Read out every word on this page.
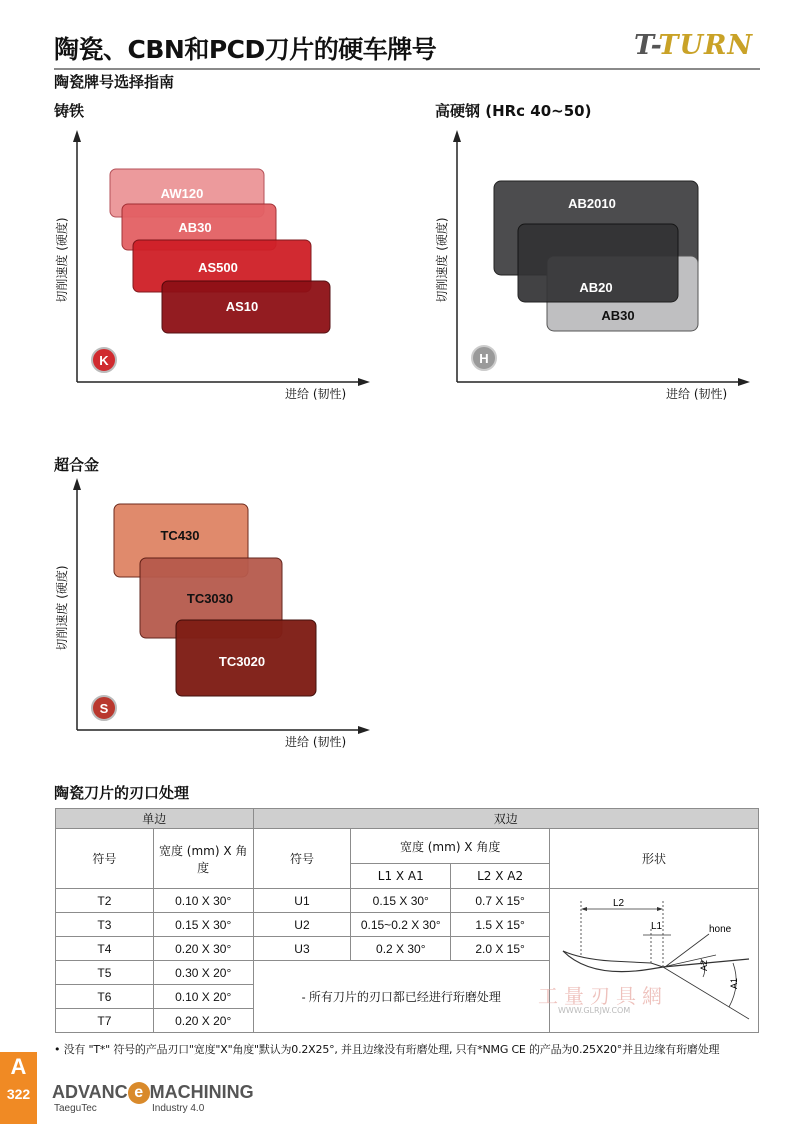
陶瓷、CBN和PCD刀片的硬车牌号	T-TURN
陶瓷牌号选择指南
铸铁
切削速度 (硬度)
进给 (韧性)
AW120
AB30
AS500
AS10
K
高硬钢 (HRc 40~50)
切削速度 (硬度)
进给 (韧性)
AB2010
AB20
AB30
H
超合金
切削速度 (硬度)
进给 (韧性)
TC430
TC3030
TC3020
S
陶瓷刀片的刃口处理
单边		双边			
符号	宽度 (mm) X 角度	符号	宽度 (mm) X 角度		形状
			L1 X A1	L2 X A2	
T2	0.10 X 30°	U1	0.15 X 30°	0.7 X 15°	L2
L1 hone
A2
A1

T3	0.15 X 30°	U2	0.15~0.2 X 30°	1.5 X 15°	
T4	0.20 X 30°	U3	0.2 X 30°	2.0 X 15°	
T5	0.30 X 20°	- 所有刀片的刃口都已经进行珩磨处理			
T6	0.10 X 20°				
T7	0.20 X 20°				
工量刃具網
WWW.GLRJW.COM
• 没有 "T*" 符号的产品刃口"宽度"X"角度"默认为0.2X25°, 并且边缘没有珩磨处理, 只有*NMG CE 的产品为0.25X20°并且边缘有珩磨处理
A
322	ADVANC e MACHINING
TaeguTec	Industry 4.0
